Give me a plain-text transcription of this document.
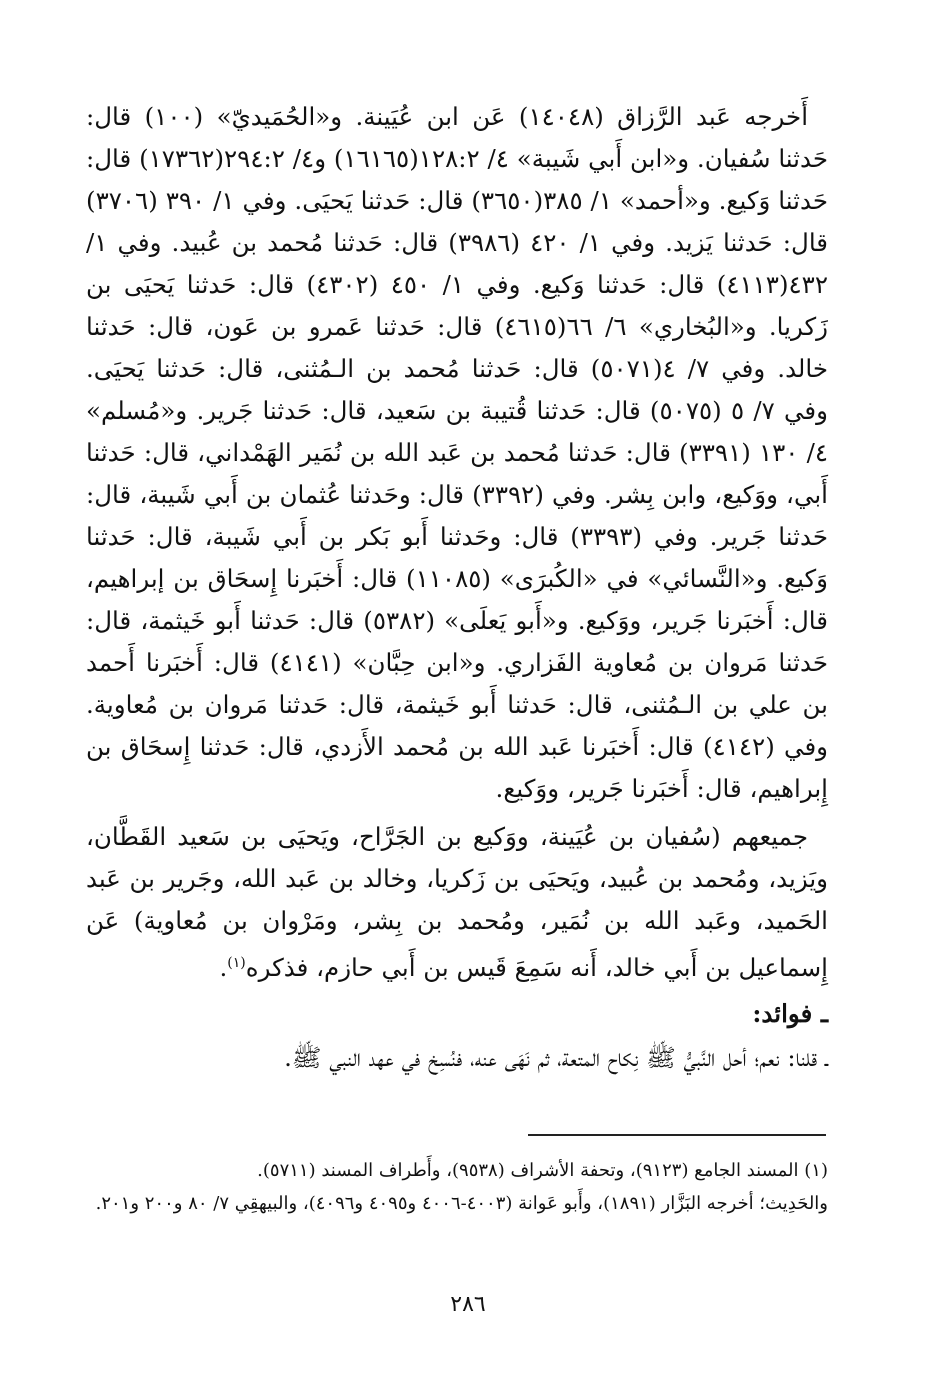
أَخرجه عَبد الرَّزاق (١٤٠٤٨) عَن ابن عُيَينة. و«الحُمَيديّ» (١٠٠) قال: حَدثنا سُفيان. و«ابن أَبي شَيبة» ٤/ ١٢٨:٢(١٦١٦٥) و٤/ ٢٩٤:٢(١٧٣٦٢) قال: حَدثنا وَكيع. و«أحمد» ١/ ٣٨٥(٣٦٥٠) قال: حَدثنا يَحيَى. وفي ١/ ٣٩٠ (٣٧٠٦) قال: حَدثنا يَزيد. وفي ١/ ٤٢٠ (٣٩٨٦) قال: حَدثنا مُحمد بن عُبيد. وفي ١/ ٤٣٢(٤١١٣) قال: حَدثنا وَكيع. وفي ١/ ٤٥٠ (٤٣٠٢) قال: حَدثنا يَحيَى بن زَكريا. و«البُخاري» ٦/ ٦٦(٤٦١٥) قال: حَدثنا عَمرو بن عَون، قال: حَدثنا خالد. وفي ٧/ ٤(٥٠٧١) قال: حَدثنا مُحمد بن الـمُثنى، قال: حَدثنا يَحيَى. وفي ٧/ ٥ (٥٠٧٥) قال: حَدثنا قُتيبة بن سَعيد، قال: حَدثنا جَرير. و«مُسلم» ٤/ ١٣٠ (٣٣٩١) قال: حَدثنا مُحمد بن عَبد الله بن نُمَير الهَمْداني، قال: حَدثنا أَبي، ووَكيع، وابن بِشر. وفي (٣٣٩٢) قال: وحَدثنا عُثمان بن أَبي شَيبة، قال: حَدثنا جَرير. وفي (٣٣٩٣) قال: وحَدثنا أَبو بَكر بن أَبي شَيبة، قال: حَدثنا وَكيع. و«النَّسائي» في «الكُبرَى» (١١٠٨٥) قال: أَخبَرنا إِسحَاق بن إبراهيم، قال: أَخبَرنا جَرير، ووَكيع. و«أَبو يَعلَى» (٥٣٨٢) قال: حَدثنا أَبو خَيثمة، قال: حَدثنا مَروان بن مُعاوية الفَزاري. و«ابن حِبَّان» (٤١٤١) قال: أَخبَرنا أَحمد بن علي بن الـمُثنى، قال: حَدثنا أَبو خَيثمة، قال: حَدثنا مَروان بن مُعاوية. وفي (٤١٤٢) قال: أَخبَرنا عَبد الله بن مُحمد الأَزدي، قال: حَدثنا إِسحَاق بن إِبراهيم، قال: أَخبَرنا جَرير، ووَكيع.

جميعهم (سُفيان بن عُيَينة، ووَكيع بن الجَرَّاح، ويَحيَى بن سَعيد القَطَّان، ويَزيد، ومُحمد بن عُبيد، ويَحيَى بن زَكريا، وخالد بن عَبد الله، وجَرير بن عَبد الحَميد، وعَبد الله بن نُمَير، ومُحمد بن بِشر، ومَرْوان بن مُعاوية) عَن إِسماعيل بن أَبي خالد، أَنه سَمِعَ قَيس بن أَبي حازم، فذكره$^{(١)}$.

ـ فوائد:
ـ قلنا: نعم؛ أحل النَّبيُّ ﷺ نِكاح المتعة، ثم نَهَى عنه، فنُسِخ في عهد النبي ﷺ.

(١) المسند الجامع (٩١٢٣)، وتحفة الأشراف (٩٥٣٨)، وأَطراف المسند (٥٧١١).

والحَدِيث؛ أخرجه البَزَّار (١٨٩١)، وأَبو عَوانة (٤٠٠٣-٤٠٠٦ و٤٠٩٥ و٤٠٩٦)، والبيهقِي ٧/ ٨٠ و٢٠٠ و٢٠١.

٢٨٦
